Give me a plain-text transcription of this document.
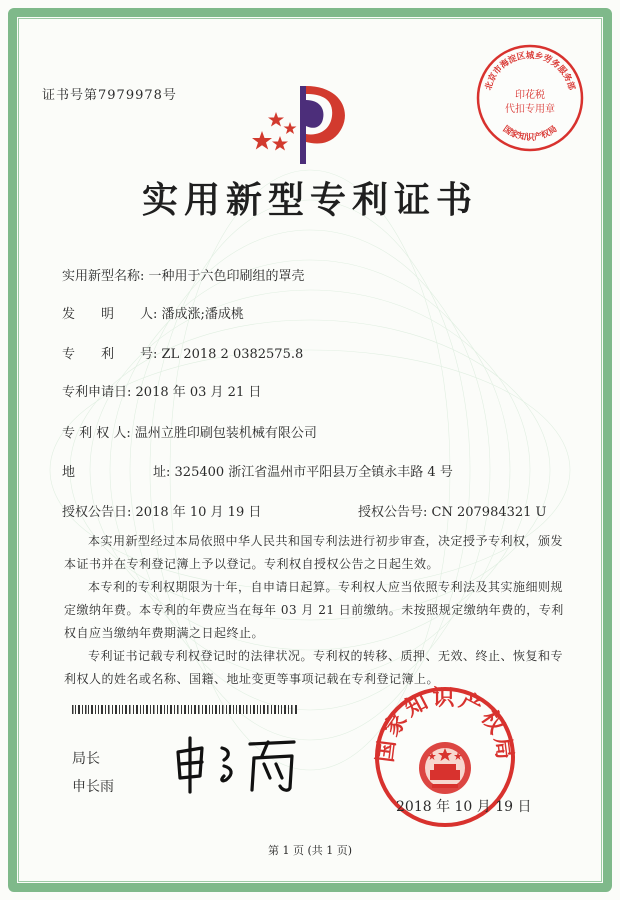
证书号第7979978号
实用新型专利证书
实用新型名称: 一种用于六色印刷组的罩壳
发　　明　　人: 潘成涨;潘成桃
专　　利　　号: ZL 2018 2 0382575.8
专利申请日: 2018 年 03 月 21 日
专 利 权 人: 温州立胜印刷包装机械有限公司
地　　　　　　址: 325400 浙江省温州市平阳县万全镇永丰路 4 号
授权公告日: 2018 年 10 月 19 日	授权公告号: CN 207984321 U

本实用新型经过本局依照中华人民共和国专利法进行初步审查，决定授予专利权，颁发本证书并在专利登记簿上予以登记。专利权自授权公告之日起生效。

本专利的专利权期限为十年，自申请日起算。专利权人应当依照专利法及其实施细则规定缴纳年费。本专利的年费应当在每年 03 月 21 日前缴纳。未按照规定缴纳年费的，专利权自应当缴纳年费期满之日起终止。

专利证书记载专利权登记时的法律状况。专利权的转移、质押、无效、终止、恢复和专利权人的姓名或名称、国籍、地址变更等事项记载在专利登记簿上。

局长
申长雨
北京市海淀区城乡劳务服务部
国家知识产权局
印花税
代扣专用章
国家知识产权局
2018 年 10 月 19 日
第 1 页 (共 1 页)
